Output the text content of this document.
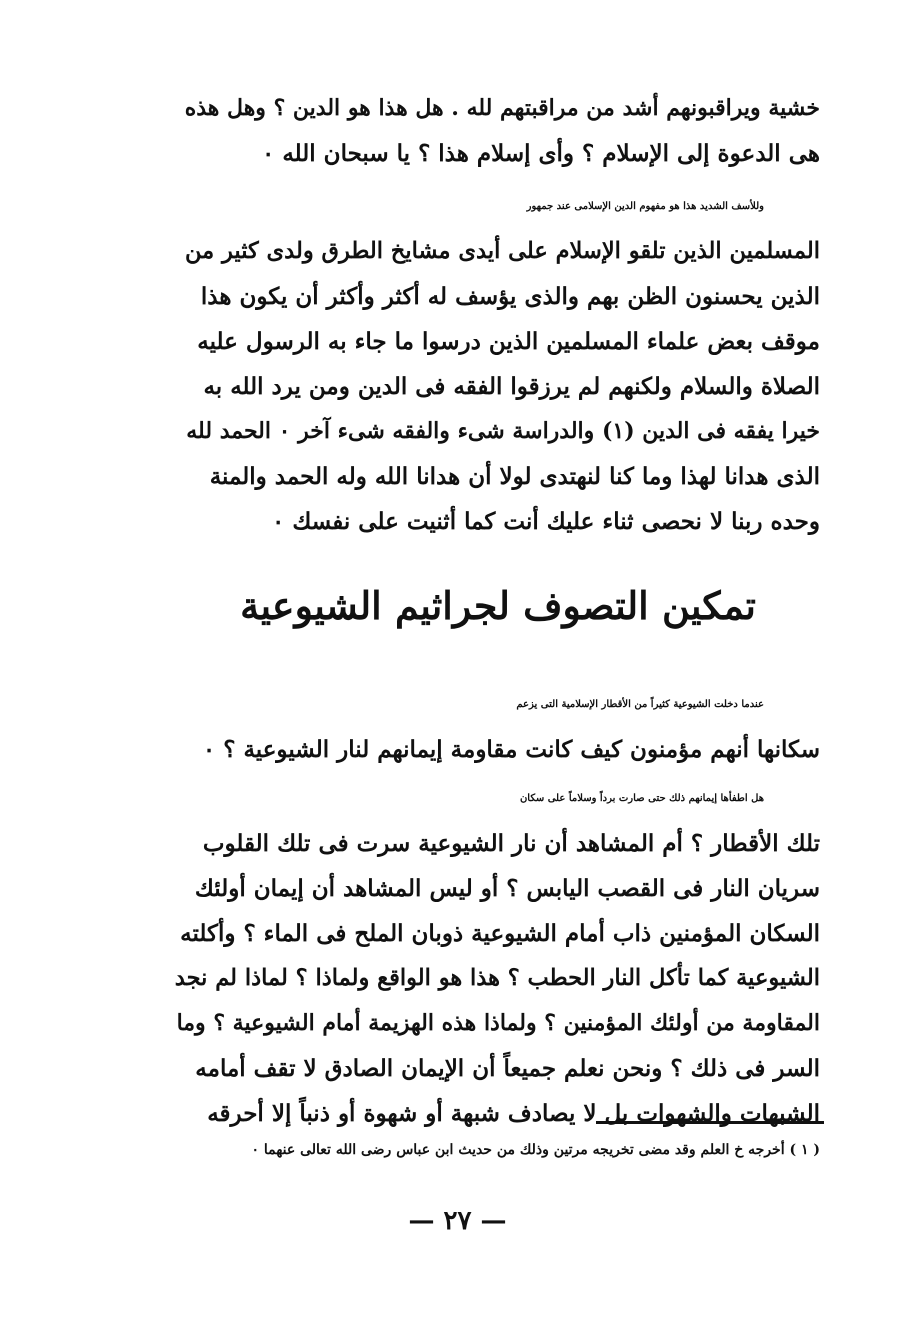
خشية ويراقبونهم أشد من مراقبتهم لله . هل هذا هو الدين ؟ وهل هذه
هى الدعوة إلى الإسلام ؟ وأى إسلام هذا ؟ يا سبحان الله ٠
وللأسف الشديد هذا هو مفهوم الدين الإسلامى عند جمهور
المسلمين الذين تلقو الإسلام على أيدى مشايخ الطرق ولدى كثير من
الذين يحسنون الظن بهم والذى يؤسف له أكثر وأكثر أن يكون هذا
موقف بعض علماء المسلمين الذين درسوا ما جاء به الرسول عليه
الصلاة والسلام ولكنهم لم يرزقوا الفقه فى الدين ومن يرد الله به
خيرا يفقه فى الدين (١) والدراسة شىء والفقه شىء آخر ٠ الحمد لله
الذى هدانا لهذا وما كنا لنهتدى لولا أن هدانا الله وله الحمد والمنة
وحده ربنا لا نحصى ثناء عليك أنت كما أثنيت على نفسك ٠
تمكين التصوف لجراثيم الشيوعية
عندما دخلت الشيوعية كثيراً من الأقطار الإسلامية التى يزعم
سكانها أنهم مؤمنون كيف كانت مقاومة إيمانهم لنار الشيوعية ؟ ٠
هل اطفأها إيمانهم ذلك حتى صارت برداً وسلاماً على سكان
تلك الأقطار ؟ أم المشاهد أن نار الشيوعية سرت فى تلك القلوب
سريان النار فى القصب اليابس ؟ أو ليس المشاهد أن إيمان أولئك
السكان المؤمنين ذاب أمام الشيوعية ذوبان الملح فى الماء ؟ وأكلته
الشيوعية كما تأكل النار الحطب ؟ هذا هو الواقع ولماذا ؟ لماذا لم نجد
المقاومة من أولئك المؤمنين ؟ ولماذا هذه الهزيمة أمام الشيوعية ؟ وما
السر فى ذلك ؟ ونحن نعلم جميعاً أن الإيمان الصادق لا تقف أمامه
الشبهات والشهوات بل لا يصادف شبهة أو شهوة أو ذنباً إلا أحرقه
( ١ ) أخرجه خ العلم وقد مضى تخريجه مرتين وذلك من حديث ابن عباس رضى الله تعالى عنهما ٠
— ٢٧ —
